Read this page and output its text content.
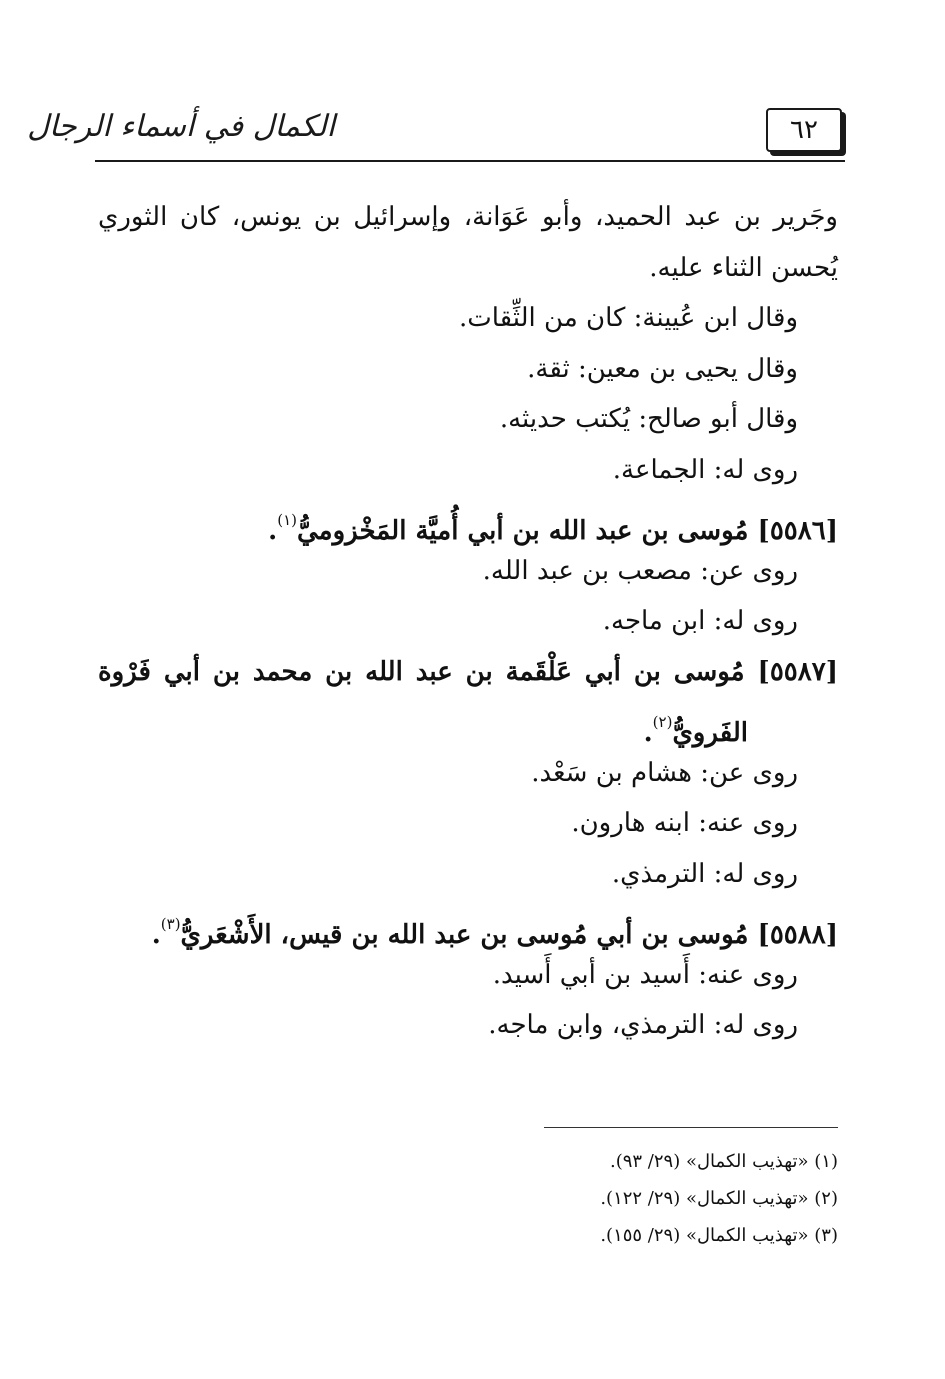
الكمال في أسماء الرجال	٦٢
وجَرير بن عبد الحميد، وأبو عَوَانة، وإسرائيل بن يونس، كان الثوري
يُحسن الثناء عليه.
وقال ابن عُيينة: كان من الثِّقات.
وقال يحيى بن معين: ثقة.
وقال أبو صالح: يُكتب حديثه.
روى له: الجماعة.
[٥٥٨٦] مُوسى بن عبد الله بن أبي أُميَّة المَخْزوميُّ$^{(١)}$.
روى عن: مصعب بن عبد الله.
روى له: ابن ماجه.
[٥٥٨٧] مُوسى بن أبي عَلْقَمة بن عبد الله بن محمد بن أبي فَرْوة
الفَرويُّ$^{(٢)}$.
روى عن: هشام بن سَعْد.
روى عنه: ابنه هارون.
روى له: الترمذي.
[٥٥٨٨] مُوسى بن أبي مُوسى بن عبد الله بن قيس، الأَشْعَريُّ$^{(٣)}$.
روى عنه: أَسيد بن أبي أَسيد.
روى له: الترمذي، وابن ماجه.
(١) «تهذيب الكمال» (٢٩/ ٩٣).
(٢) «تهذيب الكمال» (٢٩/ ١٢٢).
(٣) «تهذيب الكمال» (٢٩/ ١٥٥).
